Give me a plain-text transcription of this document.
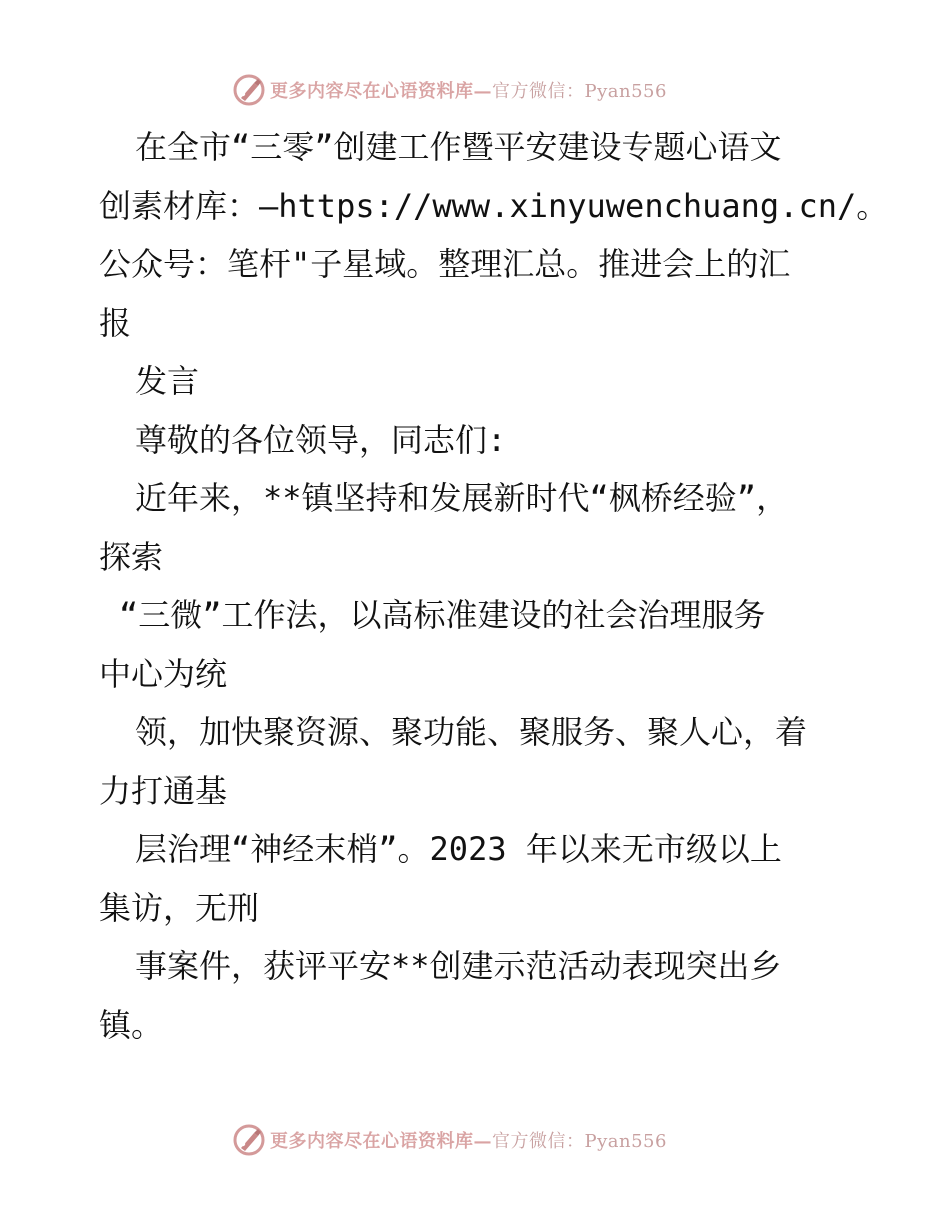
更多内容尽在心语资料库—官方微信：Pyan556
在全市“三零”创建工作暨平安建设专题心语文
创素材库：—https://www.xinyuwenchuang.cn/。
公众号：笔杆"子星域。整理汇总。推进会上的汇
报
发言
尊敬的各位领导，同志们:
近年来，**镇坚持和发展新时代“枫桥经验”，
探索
“三微”工作法，以高标准建设的社会治理服务
中心为统
领，加快聚资源、聚功能、聚服务、聚人心，着
力打通基
层治理“神经末梢”。2023 年以来无市级以上
集访，无刑
事案件，获评平安**创建示范活动表现突出乡
镇。
更多内容尽在心语资料库—官方微信：Pyan556
